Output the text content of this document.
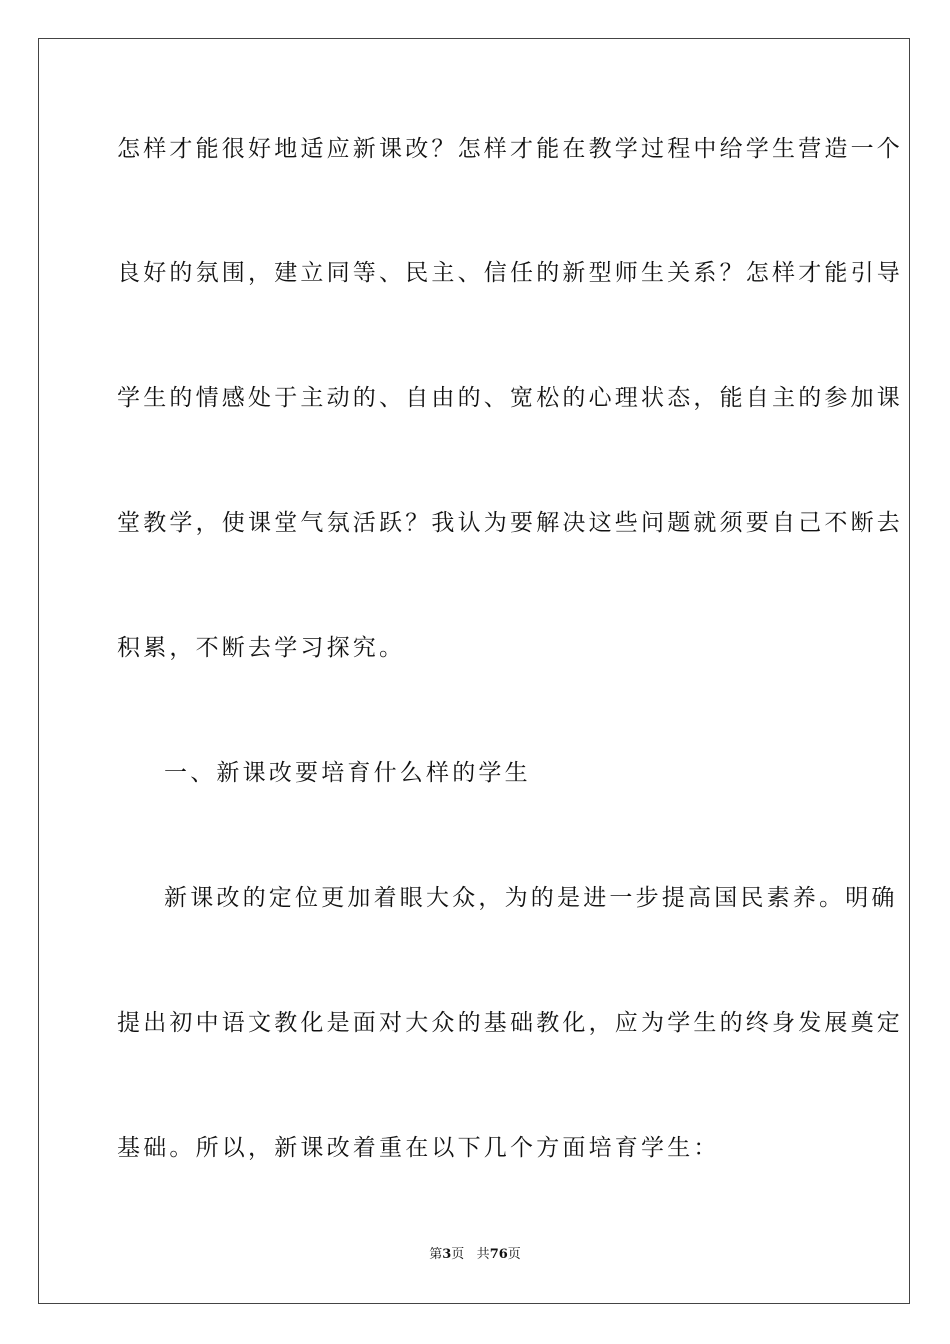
怎样才能很好地适应新课改？怎样才能在教学过程中给学生营造一个
良好的氛围，建立同等、民主、信任的新型师生关系？怎样才能引导
学生的情感处于主动的、自由的、宽松的心理状态，能自主的参加课
堂教学，使课堂气氛活跃？我认为要解决这些问题就须要自己不断去
积累，不断去学习探究。
一、新课改要培育什么样的学生
新课改的定位更加着眼大众，为的是进一步提高国民素养。明确
提出初中语文教化是面对大众的基础教化，应为学生的终身发展奠定
基础。所以，新课改着重在以下几个方面培育学生：
第3页 共76页
